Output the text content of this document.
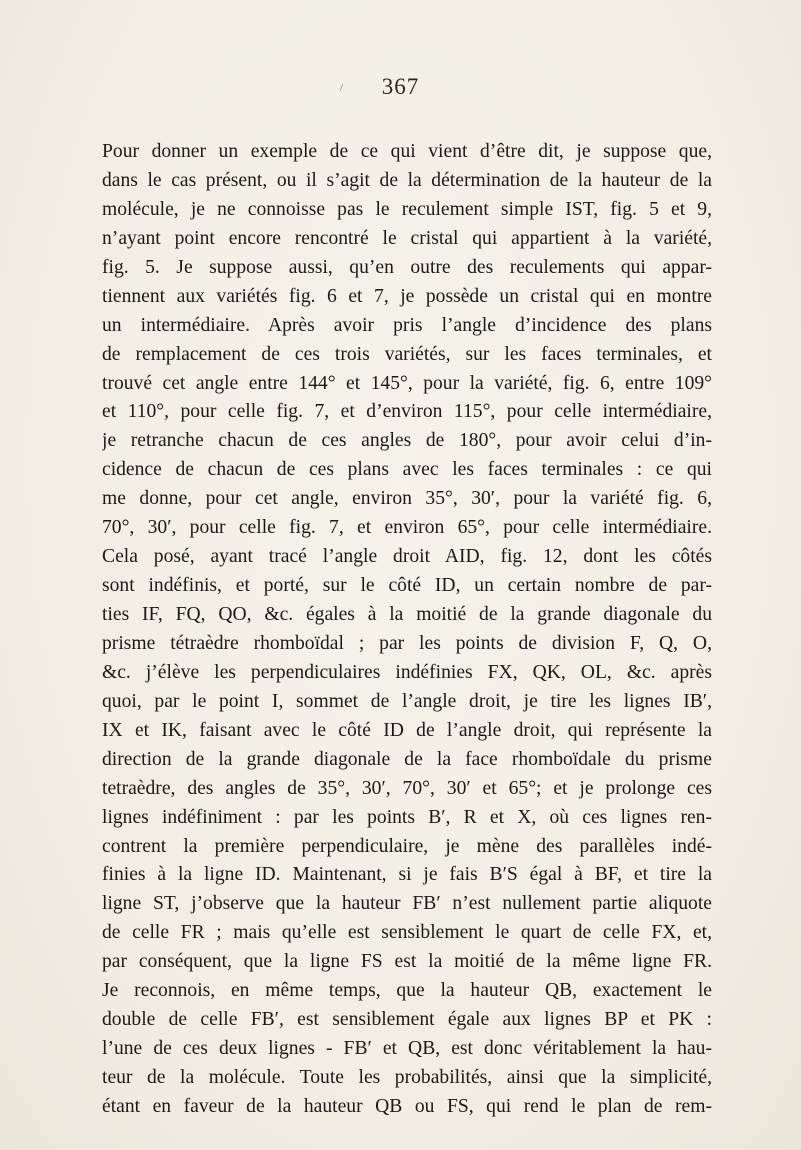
367
/
Pour donner un exemple de ce qui vient d’être dit, je suppose que,
dans le cas présent, ou il s’agit de la détermination de la hauteur de la
molécule, je ne connoisse pas le reculement simple IST, fig. 5 et 9,
n’ayant point encore rencontré le cristal qui appartient à la variété,
fig. 5. Je suppose aussi, qu’en outre des reculements qui appar-
tiennent aux variétés fig. 6 et 7, je possède un cristal qui en montre
un intermédiaire. Après avoir pris l’angle d’incidence des plans
de remplacement de ces trois variétés, sur les faces terminales, et
trouvé cet angle entre 144° et 145°, pour la variété, fig. 6, entre 109°
et 110°, pour celle fig. 7, et d’environ 115°, pour celle intermédiaire,
je retranche chacun de ces angles de 180°, pour avoir celui d’in-
cidence de chacun de ces plans avec les faces terminales : ce qui
me donne, pour cet angle, environ 35°, 30′, pour la variété fig. 6,
70°, 30′, pour celle fig. 7, et environ 65°, pour celle intermédiaire.
Cela posé, ayant tracé l’angle droit AID, fig. 12, dont les côtés
sont indéfinis, et porté, sur le côté ID, un certain nombre de par-
ties IF, FQ, QO, &c. égales à la moitié de la grande diagonale du
prisme tétraèdre rhomboïdal ; par les points de division F, Q, O,
&c. j’élève les perpendiculaires indéfinies FX, QK, OL, &c. après
quoi, par le point I, sommet de l’angle droit, je tire les lignes IB′,
IX et IK, faisant avec le côté ID de l’angle droit, qui représente la
direction de la grande diagonale de la face rhomboïdale du prisme
tetraèdre, des angles de 35°, 30′, 70°, 30′ et 65°; et je prolonge ces
lignes indéfiniment : par les points B′, R et X, où ces lignes ren-
contrent la première perpendiculaire, je mène des parallèles indé-
finies à la ligne ID. Maintenant, si je fais B′S égal à BF, et tire la
ligne ST, j’observe que la hauteur FB′ n’est nullement partie aliquote
de celle FR ; mais qu’elle est sensiblement le quart de celle FX, et,
par conséquent, que la ligne FS est la moitié de la même ligne FR.
Je reconnois, en même temps, que la hauteur QB, exactement le
double de celle FB′, est sensiblement égale aux lignes BP et PK :
l’une de ces deux lignes - FB′ et QB, est donc véritablement la hau-
teur de la molécule. Toute les probabilités, ainsi que la simplicité,
étant en faveur de la hauteur QB ou FS, qui rend le plan de rem-
